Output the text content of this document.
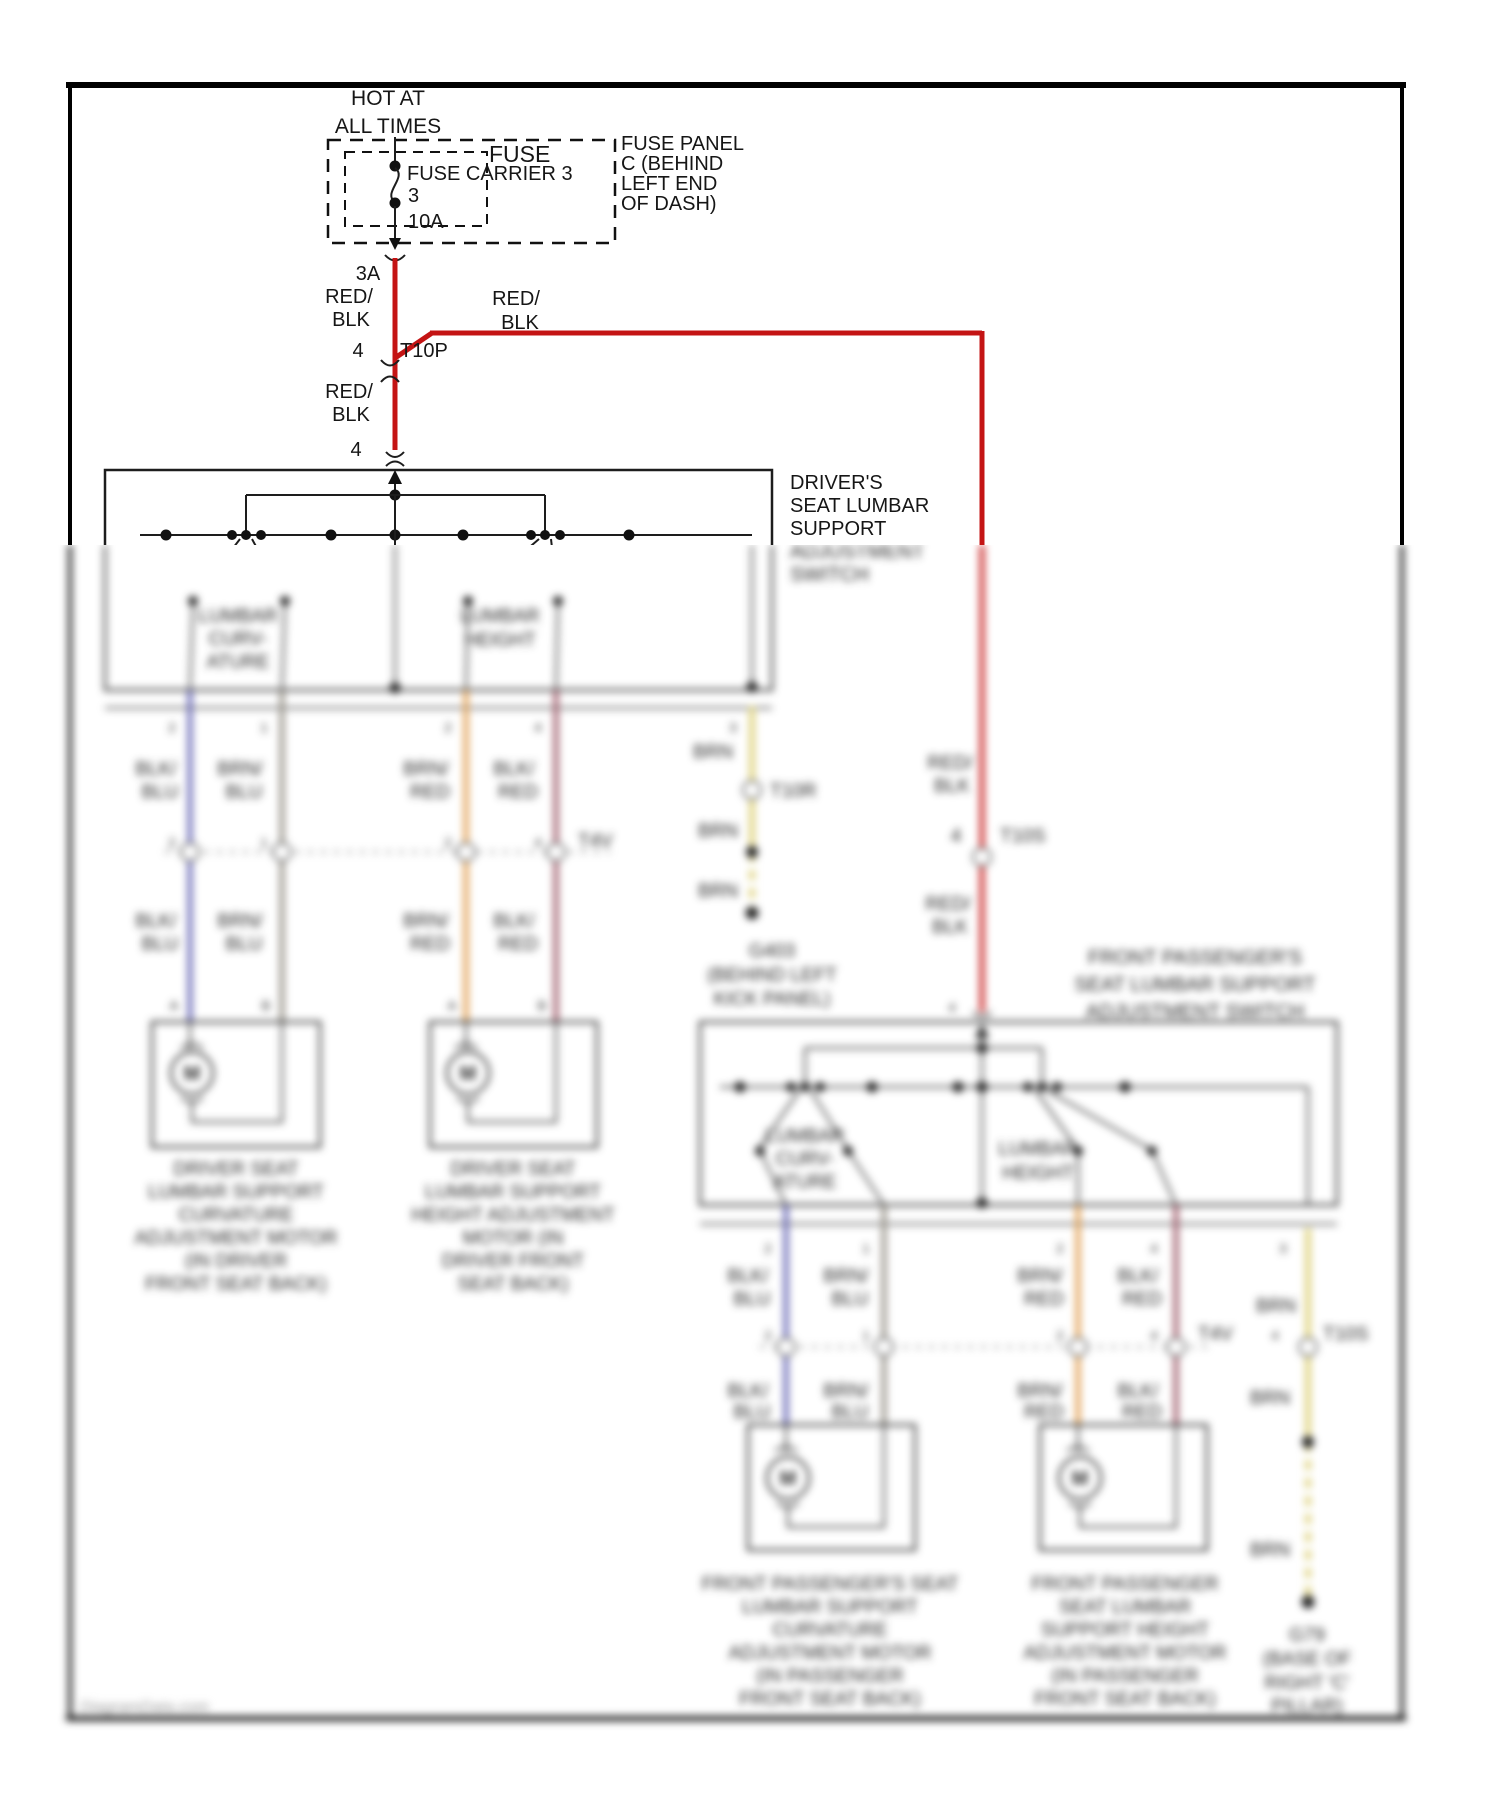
HOT AT
ALL TIMES
FUSE CARRIER 3
FUSE
3
10A
FUSE PANEL
C (BEHIND
LEFT END
OF DASH)
3A
RED/
BLK
RED/
BLK
4 T10P
RED/
BLK
4
DRIVER'S
SEAT LUMBAR
SUPPORT
ADJUSTMENT
SWITCH
LUMBAR
CURV-
ATURE
LUMBAR
HEIGHT
2	1	2	4	3
BLK/
BLU
BRN/
BLU
BRN/
RED
BLK/
RED
2	1	2	4 T4V
BLK/
BLU
BRN/
BLU
BRN/
RED
BLK/
RED
A	B	A	B
M	M
DRIVER SEAT
LUMBAR SUPPORT
CURVATURE
ADJUSTMENT MOTOR
(IN DRIVER
FRONT SEAT BACK)
DRIVER SEAT
LUMBAR SUPPORT
HEIGHT ADJUSTMENT
MOTOR (IN
DRIVER FRONT
SEAT BACK)
BRN
T10R
BRN
BRN
G403
(BEHIND LEFT
KICK PANEL)
RED/
BLK
4 T10S
RED/
BLK
4
FRONT PASSENGER'S
SEAT LUMBAR SUPPORT
ADJUSTMENT SWITCH
LUMBAR
CURV-
ATURE
LUMBAR
HEIGHT
2	1	2	4	3
BLK/
BLU
BRN/
BLU
BRN/
RED
BLK/
RED
2	1	2	4 T4V
BLK/
BLU
BRN/
BLU
BRN/
RED
BLK/
RED
M	M
FRONT PASSENGER'S SEAT
LUMBAR SUPPORT
CURVATURE
ADJUSTMENT MOTOR
(IN PASSENGER
FRONT SEAT BACK)
FRONT PASSENGER
SEAT LUMBAR
SUPPORT HEIGHT
ADJUSTMENT MOTOR
(IN PASSENGER
FRONT SEAT BACK)
BRN
4 T10S
BRN
BRN
G79
(BASE OF
RIGHT 'C'
PILLAR)
DiagramData.com
